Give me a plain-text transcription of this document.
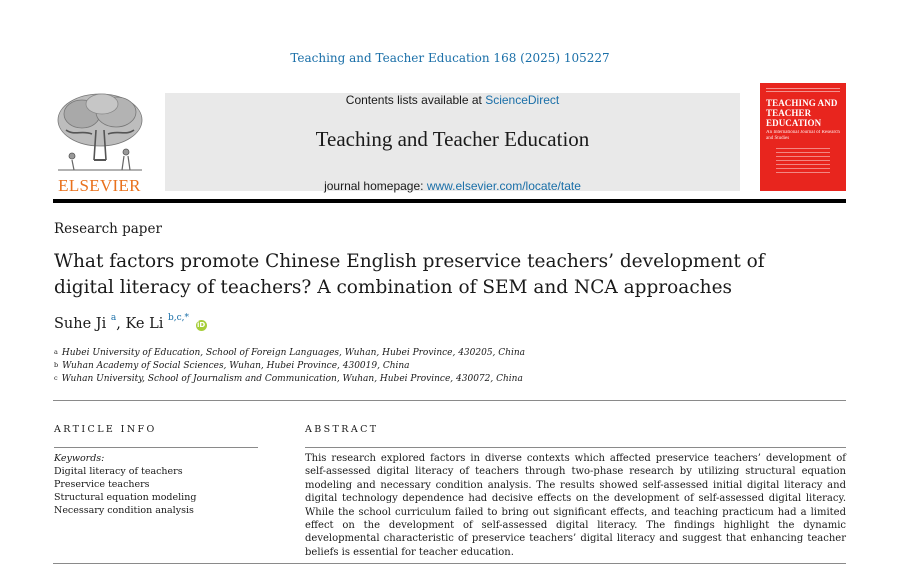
Teaching and Teacher Education 168 (2025) 105227
ELSEVIER
Contents lists available at ScienceDirect
Teaching and Teacher Education
journal homepage: www.elsevier.com/locate/tate
TEACHING AND TEACHER EDUCATION
An International Journal of Research and Studies
Research paper
What factors promote Chinese English preservice teachers’ development of digital literacy of teachers? A combination of SEM and NCA approaches
Suhe Ji $^a$, Ke Li $^{b,c,*}$ iD
$^a$ Hubei University of Education, School of Foreign Languages, Wuhan, Hubei Province, 430205, China
$^b$ Wuhan Academy of Social Sciences, Wuhan, Hubei Province, 430019, China
$^c$ Wuhan University, School of Journalism and Communication, Wuhan, Hubei Province, 430072, China
ARTICLE INFO
Keywords:
Digital literacy of teachers
Preservice teachers
Structural equation modeling
Necessary condition analysis
ABSTRACT

This research explored factors in diverse contexts which affected preservice teachers’ development of self-assessed digital literacy of teachers through two-phase research by utilizing structural equation modeling and necessary condition analysis. The results showed self-assessed initial digital literacy and digital technology dependence had decisive effects on the development of self-assessed digital literacy. While the school curriculum failed to bring out significant effects, and teaching practicum had a limited effect on the development of self-assessed digital literacy. The findings highlight the dynamic developmental characteristic of preservice teachers’ digital literacy and suggest that enhancing teacher beliefs is essential for teacher education.
